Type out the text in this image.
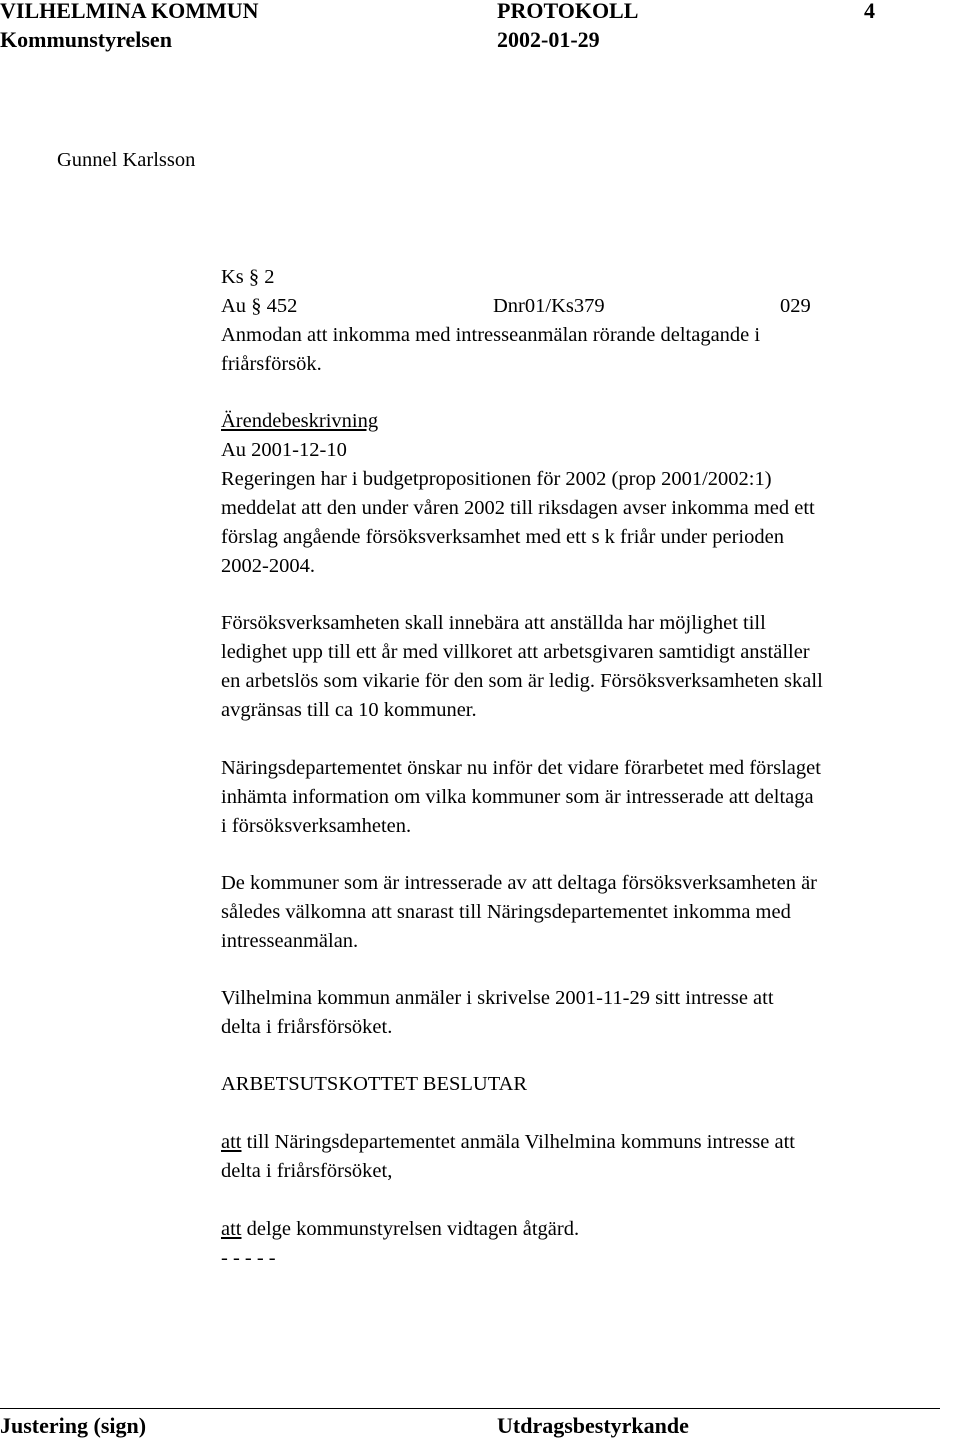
VILHELMINA KOMMUN	PROTOKOLL	4
Kommunstyrelsen	2002-01-29
Gunnel Karlsson
Ks § 2
Au § 452	Dnr01/Ks379	029
Anmodan att inkomma med intresseanmälan rörande deltagande i
friårsförsök.
Ärendebeskrivning
Au 2001-12-10
Regeringen har i budgetpropositionen för 2002 (prop 2001/2002:1)
meddelat att den under våren 2002 till riksdagen avser inkomma med ett
förslag angående försöksverksamhet med ett s k friår under perioden
2002-2004.
Försöksverksamheten skall innebära att anställda har möjlighet till
ledighet upp till ett år med villkoret att arbetsgivaren samtidigt anställer
en arbetslös som vikarie för den som är ledig. Försöksverksamheten skall
avgränsas till ca 10 kommuner.
Näringsdepartementet önskar nu inför det vidare förarbetet med förslaget
inhämta information om vilka kommuner som är intresserade att deltaga
i försöksverksamheten.
De kommuner som är intresserade av att deltaga försöksverksamheten är
således välkomna att snarast till Näringsdepartementet inkomma med
intresseanmälan.
Vilhelmina kommun anmäler i skrivelse 2001-11-29 sitt intresse att
delta i friårsförsöket.
ARBETSUTSKOTTET BESLUTAR
att till Näringsdepartementet anmäla Vilhelmina kommuns intresse att
delta i friårsförsöket,
att delge kommunstyrelsen vidtagen åtgärd.
- - - - -
Justering (sign)	Utdragsbestyrkande
